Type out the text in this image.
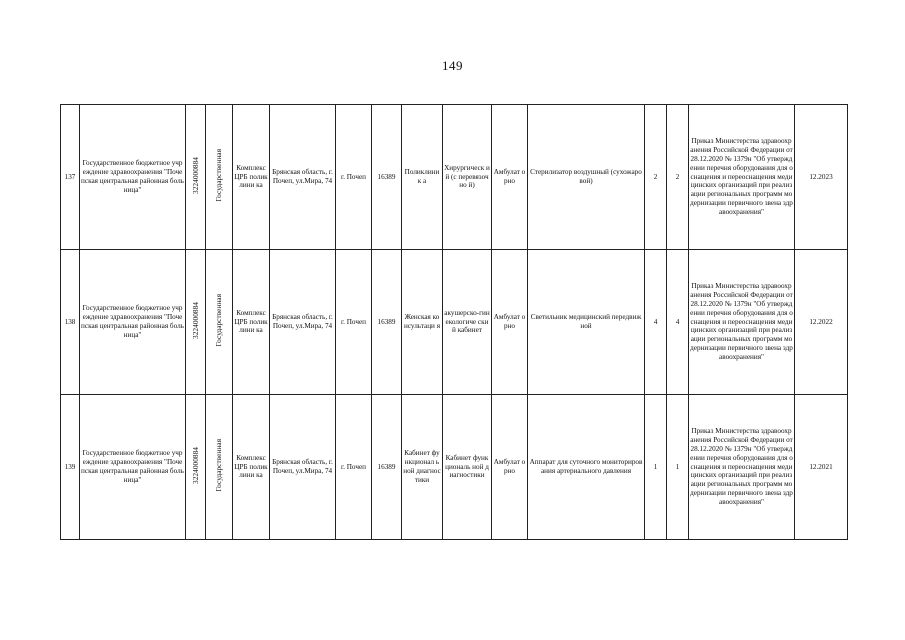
149
137	Государственное бюджетное учреждение здравоохранения "Почепская центральная районная больница"	3224000884	Государственная	Комплекс ЦРБ поликлини ка	Брянская область, г. Почеп, ул.Мира, 74	г. Почеп	16389	Поликлиник а	Хирургическ ий (с перевязочно й)	Амбулат орно	Стерилизатор воздушный (сухожаровой)	2	2	Приказ Министерства здравоохранения Российской Федерации от 28.12.2020 № 1379н "Об утверждении перечня оборудования для оснащения и переоснащения медицинских организаций при реализации региональных программ модернизации первичного звена здравоохранения"	12.2023
138	Государственное бюджетное учреждение здравоохранения "Почепская центральная районная больница"	3224000884	Государственная	Комплекс ЦРБ поликлини ка	Брянская область, г. Почеп, ул.Мира, 74	г. Почеп	16389	Женская консультаци я	акушерско-гинекологиче ский кабинет	Амбулат орно	Светильник медицинский передвижной	4	4	Приказ Министерства здравоохранения Российской Федерации от 28.12.2020 № 1379н "Об утверждении перечня оборудования для оснащения и переоснащения медицинских организаций при реализации региональных программ модернизации первичного звена здравоохранения"	12.2022
139	Государственное бюджетное учреждение здравоохранения "Почепская центральная районная больница"	3224000884	Государственная	Комплекс ЦРБ поликлини ка	Брянская область, г. Почеп, ул.Мира, 74	г. Почеп	16389	Кабинет функционал ьной диагностики	Кабинет функциональ ной диагностики	Амбулат орно	Аппарат для суточного мониторирования артериального давления	1	1	Приказ Министерства здравоохранения Российской Федерации от 28.12.2020 № 1379н "Об утверждении перечня оборудования для оснащения и переоснащения медицинских организаций при реализации региональных программ модернизации первичного звена здравоохранения"	12.2021
